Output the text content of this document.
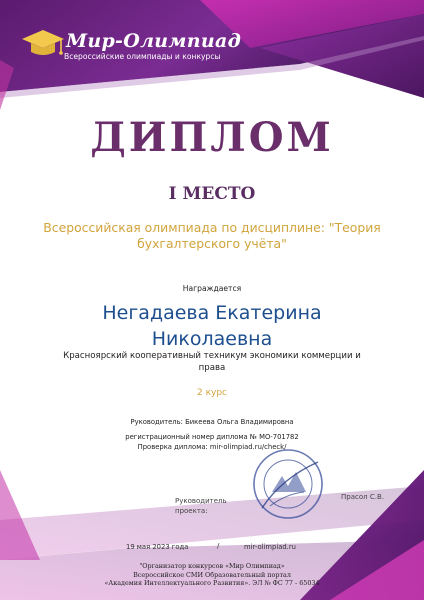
Мир-Олимпиад
Всероссийские олимпиады и конкурсы
ДИПЛОМ
I МЕСТО
Всероссийская олимпиада по дисциплине: "Теория бухгалтерского учёта"
Награждается
Негадаева Екатерина
Николаевна
Красноярский кооперативный техникум экономики коммерции и права
2 курс
Руководитель: Бикеева Ольга Владимировна
регистрационный номер диплома № МО-701782
Проверка диплома: mir-olimpiad.ru/check/
Руководитель
проекта:
Прасол С.В.
19 мая 2023 года	/	mir-olimpiad.ru
"Организатор конкурсов «Мир Олимпиад»
Всероссийское СМИ Образовательный портал
«Академия Интеллектуального Развития». ЭЛ № ФС 77 - 65034
